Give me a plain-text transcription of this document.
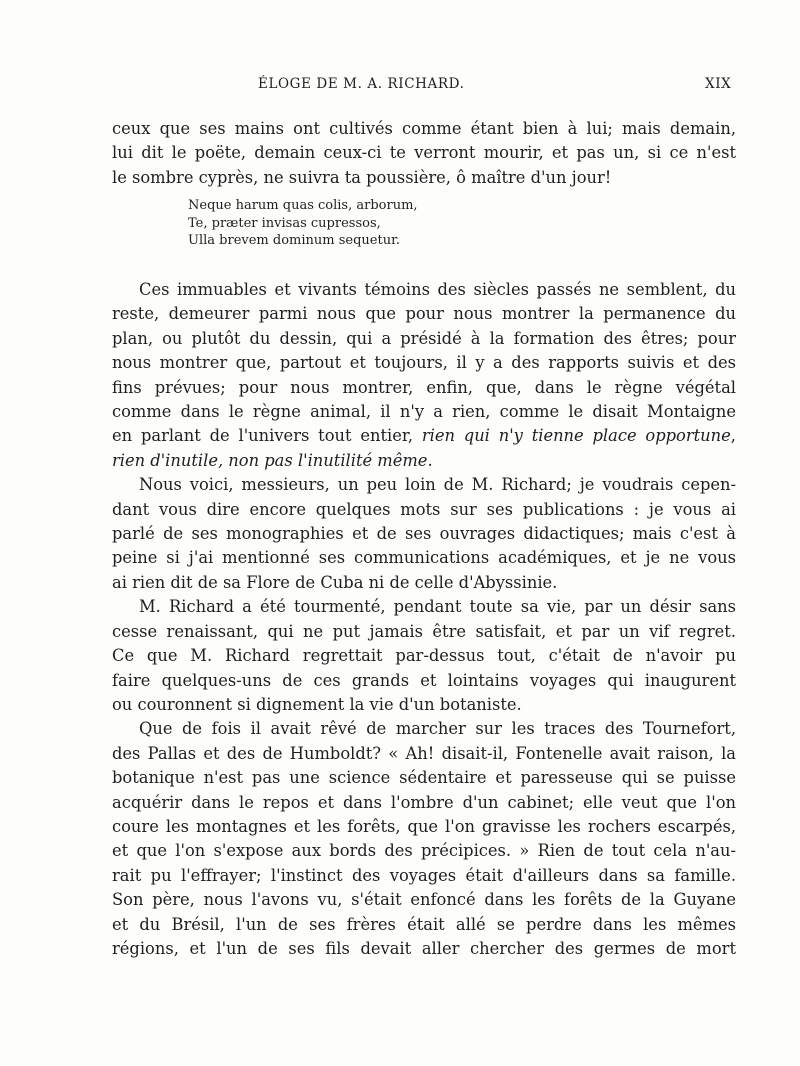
ÉLOGE DE M. A. RICHARD.	XIX
ceux que ses mains ont cultivés comme étant bien à lui; mais demain,
lui dit le poëte, demain ceux-ci te verront mourir, et pas un, si ce n'est
le sombre cyprès, ne suivra ta poussière, ô maître d'un jour!
Neque harum quas colis, arborum,
Te, præter invisas cupressos,
Ulla brevem dominum sequetur.
Ces immuables et vivants témoins des siècles passés ne semblent, du
reste, demeurer parmi nous que pour nous montrer la permanence du
plan, ou plutôt du dessin, qui a présidé à la formation des êtres; pour
nous montrer que, partout et toujours, il y a des rapports suivis et des
fins prévues; pour nous montrer, enfin, que, dans le règne végétal
comme dans le règne animal, il n'y a rien, comme le disait Montaigne
en parlant de l'univers tout entier, rien qui n'y tienne place opportune,
rien d'inutile, non pas l'inutilité même.
Nous voici, messieurs, un peu loin de M. Richard; je voudrais cepen-
dant vous dire encore quelques mots sur ses publications : je vous ai
parlé de ses monographies et de ses ouvrages didactiques; mais c'est à
peine si j'ai mentionné ses communications académiques, et je ne vous
ai rien dit de sa Flore de Cuba ni de celle d'Abyssinie.
M. Richard a été tourmenté, pendant toute sa vie, par un désir sans
cesse renaissant, qui ne put jamais être satisfait, et par un vif regret.
Ce que M. Richard regrettait par-dessus tout, c'était de n'avoir pu
faire quelques-uns de ces grands et lointains voyages qui inaugurent
ou couronnent si dignement la vie d'un botaniste.
Que de fois il avait rêvé de marcher sur les traces des Tournefort,
des Pallas et des de Humboldt? « Ah! disait-il, Fontenelle avait raison, la
botanique n'est pas une science sédentaire et paresseuse qui se puisse
acquérir dans le repos et dans l'ombre d'un cabinet; elle veut que l'on
coure les montagnes et les forêts, que l'on gravisse les rochers escarpés,
et que l'on s'expose aux bords des précipices. » Rien de tout cela n'au-
rait pu l'effrayer; l'instinct des voyages était d'ailleurs dans sa famille.
Son père, nous l'avons vu, s'était enfoncé dans les forêts de la Guyane
et du Brésil, l'un de ses frères était allé se perdre dans les mêmes
régions, et l'un de ses fils devait aller chercher des germes de mort
